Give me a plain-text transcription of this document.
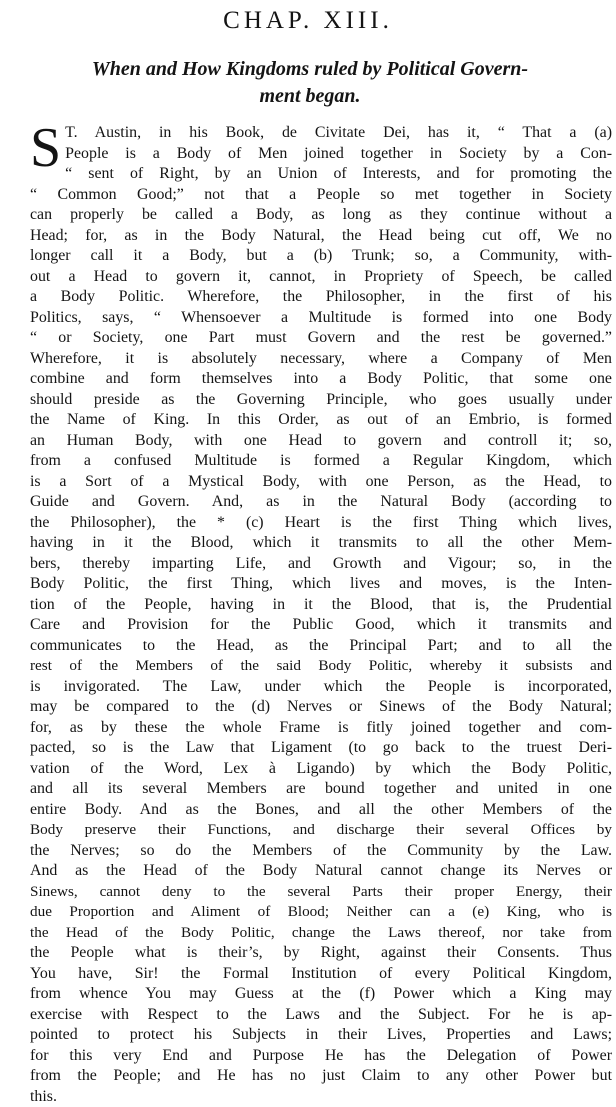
CHAP. XIII.
When and How Kingdoms ruled by Political Govern-
ment began.
S T. Austin, in his Book, de Civitate Dei, has it, “ That a (a)
People is a Body of Men joined together in Society by a Con-
“ sent of Right, by an Union of Interests, and for promoting the
“ Common Good;” not that a People so met together in Society
can properly be called a Body, as long as they continue without a
Head; for, as in the Body Natural, the Head being cut off, We no
longer call it a Body, but a (b) Trunk; so, a Community, with-
out a Head to govern it, cannot, in Propriety of Speech, be called
a Body Politic. Wherefore, the Philosopher, in the first of his
Politics, says, “ Whensoever a Multitude is formed into one Body
“ or Society, one Part must Govern and the rest be governed.”
Wherefore, it is absolutely necessary, where a Company of Men
combine and form themselves into a Body Politic, that some one
should preside as the Governing Principle, who goes usually under
the Name of King. In this Order, as out of an Embrio, is formed
an Human Body, with one Head to govern and controll it; so,
from a confused Multitude is formed a Regular Kingdom, which
is a Sort of a Mystical Body, with one Person, as the Head, to
Guide and Govern. And, as in the Natural Body (according to
the Philosopher), the * (c) Heart is the first Thing which lives,
having in it the Blood, which it transmits to all the other Mem-
bers, thereby imparting Life, and Growth and Vigour; so, in the
Body Politic, the first Thing, which lives and moves, is the Inten-
tion of the People, having in it the Blood, that is, the Prudential
Care and Provision for the Public Good, which it transmits and
communicates to the Head, as the Principal Part; and to all the
rest of the Members of the said Body Politic, whereby it subsists and
is invigorated. The Law, under which the People is incorporated,
may be compared to the (d) Nerves or Sinews of the Body Natural;
for, as by these the whole Frame is fitly joined together and com-
pacted, so is the Law that Ligament (to go back to the truest Deri-
vation of the Word, Lex à Ligando) by which the Body Politic,
and all its several Members are bound together and united in one
entire Body. And as the Bones, and all the other Members of the
Body preserve their Functions, and discharge their several Offices by
the Nerves; so do the Members of the Community by the Law.
And as the Head of the Body Natural cannot change its Nerves or
Sinews, cannot deny to the several Parts their proper Energy, their
due Proportion and Aliment of Blood; Neither can a (e) King, who is
the Head of the Body Politic, change the Laws thereof, nor take from
the People what is their’s, by Right, against their Consents. Thus
You have, Sir! the Formal Institution of every Political Kingdom,
from whence You may Guess at the (f) Power which a King may
exercise with Respect to the Laws and the Subject. For he is ap-
pointed to protect his Subjects in their Lives, Properties and Laws;
for this very End and Purpose He has the Delegation of Power
from the People; and He has no just Claim to any other Power but
this.
